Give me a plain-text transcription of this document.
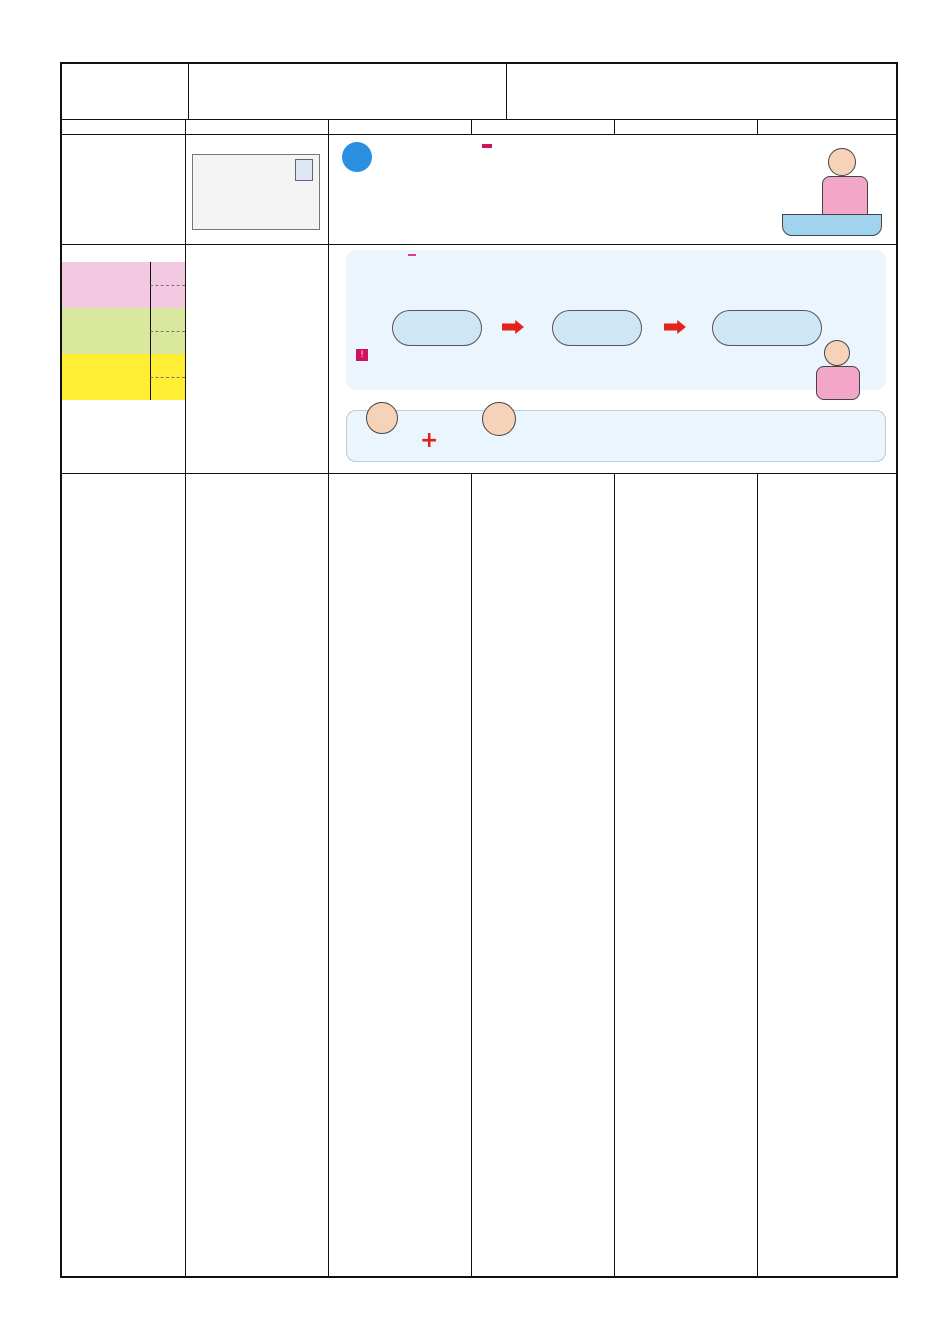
!
+
